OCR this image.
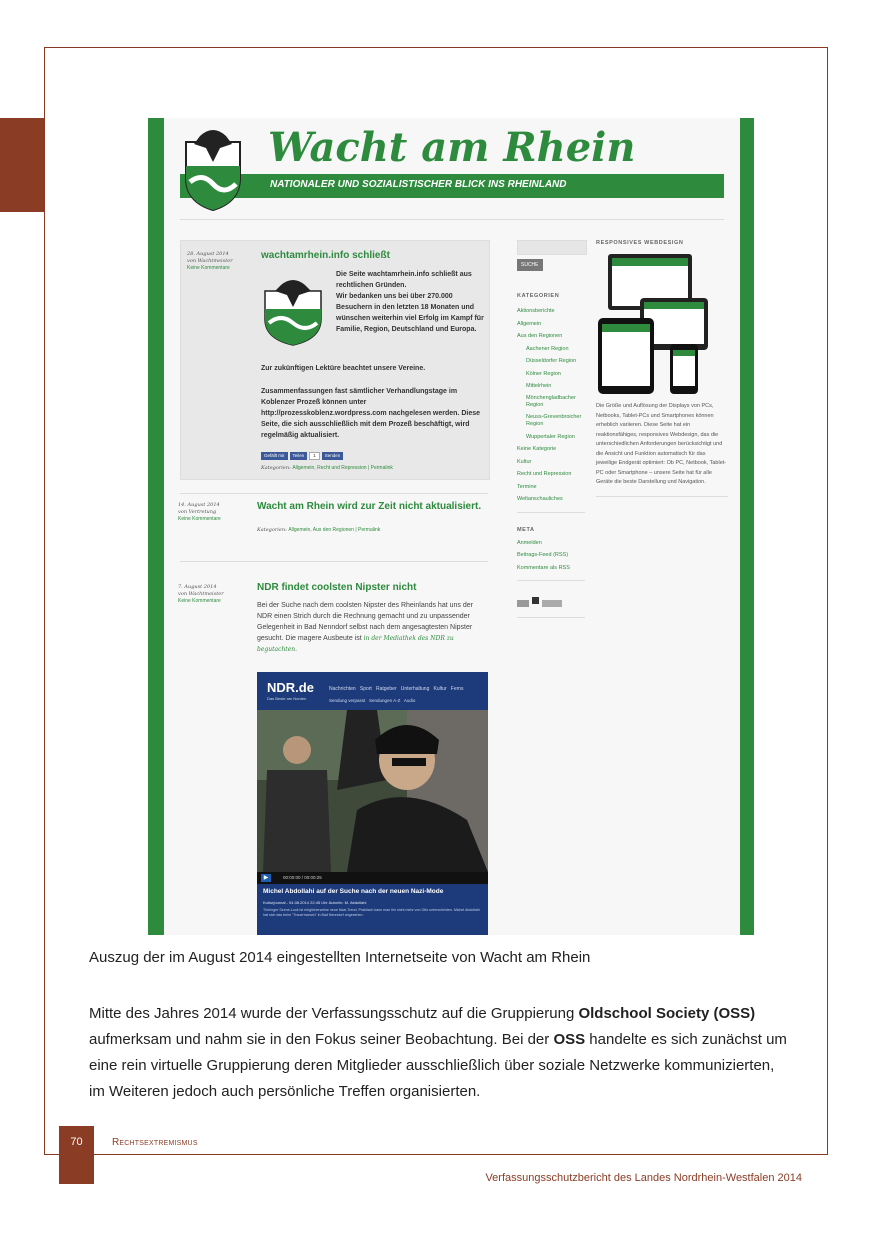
NATIONALER UND SOZIALISTISCHER BLICK INS RHEINLAND
Wacht am Rhein
28. August 2014
von Wachtmeister
Keine Kommentare
wachtamrhein.info schließt
Die Seite wachtamrhein.info schließt aus rechtlichen Gründen.
Wir bedanken uns bei über 270.000 Besuchern in den letzten 18 Monaten und wünschen weiterhin viel Erfolg im Kampf für Familie, Region, Deutschland und Europa.
Zur zukünftigen Lektüre beachtet unsere Vereine.
Zusammenfassungen fast sämtlicher Verhandlungstage im Koblenzer Prozeß können unter http://prozesskoblenz.wordpress.com nachgelesen werden. Diese Seite, die sich ausschließlich mit dem Prozeß beschäftigt, wird regelmäßig aktualisiert.
Gefällt mir Teilen 1 Senden
Kategorien: Allgemein, Recht und Repression | Permalink
14. August 2014
von Vertretung
Keine Kommentare
Wacht am Rhein wird zur Zeit nicht aktualisiert.
Kategorien: Allgemein, Aus den Regionen | Permalink
7. August 2014
von Wachtmeister
Keine Kommentare
NDR findet coolsten Nipster nicht
Bei der Suche nach dem coolsten Nipster des Rheinlands hat uns der NDR einen Strich durch die Rechnung gemacht und zu unpassender Gelegenheit in Bad Nenndorf selbst nach dem angesagtesten Nipster gesucht. Die magere Ausbeute ist in der Mediathek des NDR zu begutachten.
NDR.de
Das Beste am Norden
Nachrichten Sport Ratgeber Unterhaltung Kultur Ferns
Sendung verpasst Sendungen A-Z Audio
▶	00:00:00 / 00:00:25
Michel Abdollahi auf der Suche nach der neuen Nazi-Mode
Kulturjournal - 04.08.2014 22:45 Uhr Autor/in: M. Abdollahi
Thüringer Szene-Look ist möglicherweise neue Nazi-Trend. Praktisch kann man ihn nicht mehr von Otto unterscheiden. Michel Abdollahi hat sich das beim "Trauermarsch" in Bad Nenndorf angesehen.
SUCHE
KATEGORIEN
Aktionsberichte
Allgemein
Aus den Regionen
Aachener Region
Düsseldorfer Region
Kölner Region
Mittelrhein
Mönchengladbacher Region
Neuss-Grevenbroicher Region
Wuppertaler Region
Keine Kategorie
Kultur
Recht und Repression
Termine
Weltanschauliches
META
Anmelden
Beitrags-Feed (RSS)
Kommentare als RSS
RESPONSIVES WEBDESIGN
Die Größe und Auflösung der Displays von PCs, Netbooks, Tablet-PCs und Smartphones können erheblich variieren. Diese Seite hat ein reaktionsfähiges, responsives Webdesign, das die unterschiedlichen Anforderungen berücksichtigt und die Ansicht und Funktion automatisch für das jeweilige Endgerät optimiert: Ob PC, Netbook, Tablet-PC oder Smartphone – unsere Seite hat für alle Geräte die beste Darstellung und Navigation.
Auszug der im August 2014 eingestellten Internetseite von Wacht am Rhein
Mitte des Jahres 2014 wurde der Verfassungsschutz auf die Gruppierung Oldschool Society (OSS) aufmerksam und nahm sie in den Fokus seiner Beobachtung. Bei der OSS handelte es sich zunächst um eine rein virtuelle Gruppierung deren Mitglieder ausschließlich über soziale Netzwerke kommunizierten, im Weiteren jedoch auch persönliche Treffen organisierten.
70	Rechtsextremismus
Verfassungsschutzbericht des Landes Nordrhein-Westfalen 2014
